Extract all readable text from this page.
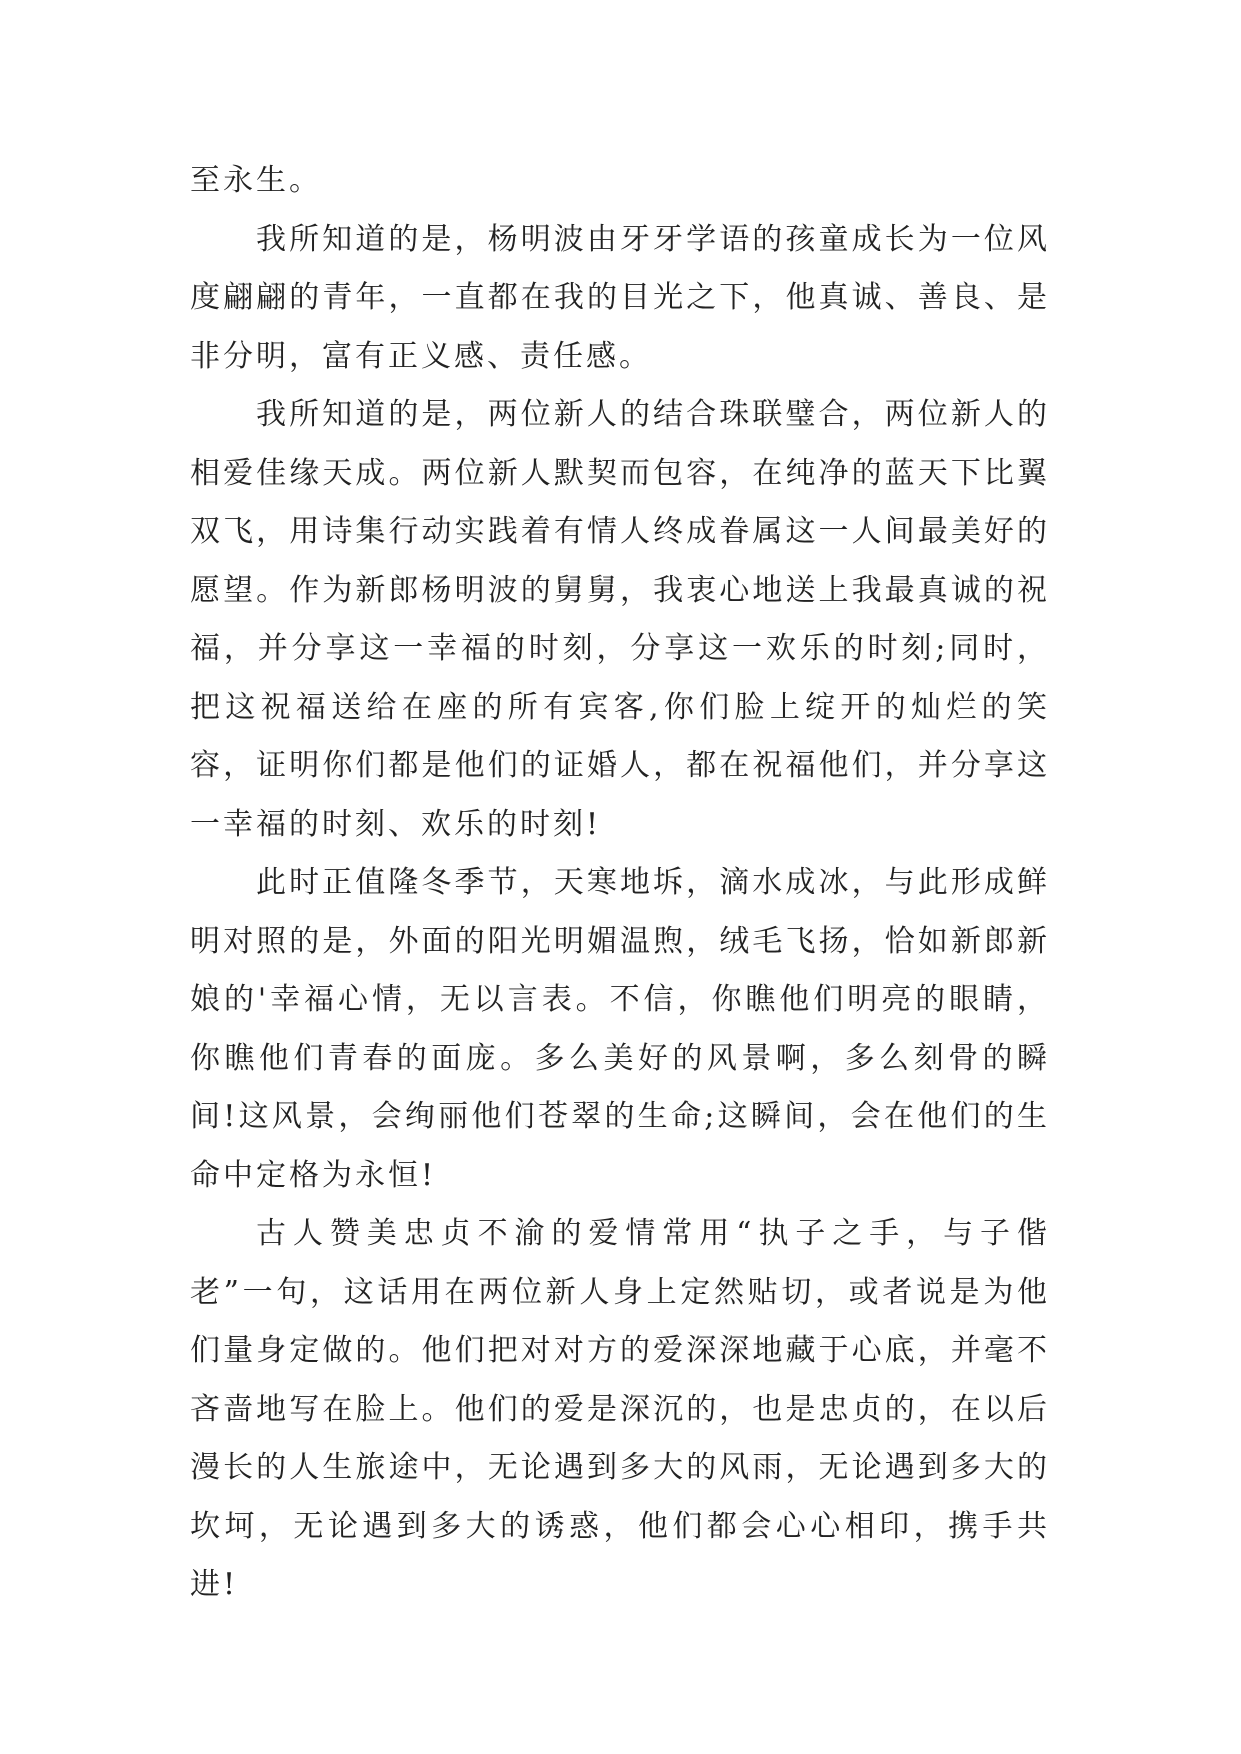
至永生。

我所知道的是，杨明波由牙牙学语的孩童成长为一位风度翩翩的青年，一直都在我的目光之下，他真诚、善良、是非分明，富有正义感、责任感。

我所知道的是，两位新人的结合珠联璧合，两位新人的相爱佳缘天成。两位新人默契而包容，在纯净的蓝天下比翼双飞，用诗集行动实践着有情人终成眷属这一人间最美好的愿望。作为新郎杨明波的舅舅，我衷心地送上我最真诚的祝福，并分享这一幸福的时刻，分享这一欢乐的时刻;同时，把这祝福送给在座的所有宾客,你们脸上绽开的灿烂的笑容，证明你们都是他们的证婚人，都在祝福他们，并分享这一幸福的时刻、欢乐的时刻!

此时正值隆冬季节，天寒地坼，滴水成冰，与此形成鲜明对照的是，外面的阳光明媚温煦，绒毛飞扬，恰如新郎新娘的'幸福心情，无以言表。不信，你瞧他们明亮的眼睛，你瞧他们青春的面庞。多么美好的风景啊，多么刻骨的瞬间!这风景，会绚丽他们苍翠的生命;这瞬间，会在他们的生命中定格为永恒!

古人赞美忠贞不渝的爱情常用“执子之手，与子偕老”一句，这话用在两位新人身上定然贴切，或者说是为他们量身定做的。他们把对对方的爱深深地藏于心底，并毫不吝啬地写在脸上。他们的爱是深沉的，也是忠贞的，在以后漫长的人生旅途中，无论遇到多大的风雨，无论遇到多大的坎坷，无论遇到多大的诱惑，他们都会心心相印，携手共进!
